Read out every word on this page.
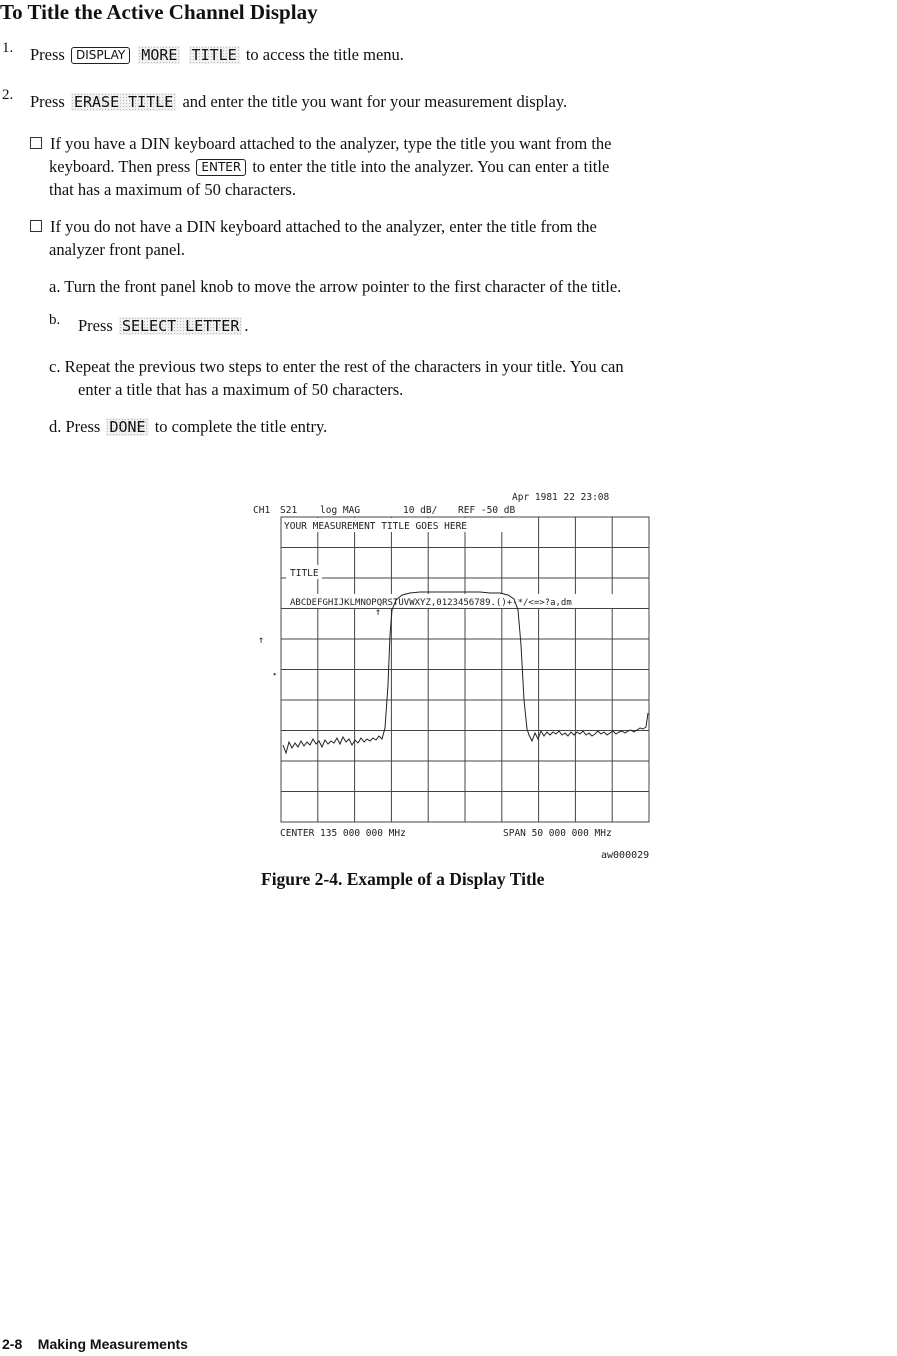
To Title the Active Channel Display
1. Press DISPLAY MORE TITLE to access the title menu.
2. Press ERASE TITLE and enter the title you want for your measurement display.
If you have a DIN keyboard attached to the analyzer, type the title you want from the
keyboard. Then press ENTER to enter the title into the analyzer. You can enter a title
that has a maximum of 50 characters.
If you do not have a DIN keyboard attached to the analyzer, enter the title from the
analyzer front panel.
a. Turn the front panel knob to move the arrow pointer to the first character of the title.
b. Press SELECT LETTER .
c. Repeat the previous two steps to enter the rest of the characters in your title. You can
enter a title that has a maximum of 50 characters.
d. Press DONE to complete the title entry.
Apr 1981 22 23:08
CH1 S21 log MAG	10 dB/ REF -50 dB
YOUR MEASUREMENT TITLE GOES HERE
TITLE
ABCDEFGHIJKLMNOPQRSTUVWXYZ,0123456789.()+-*/<=>?a,dm
↑
↑
▸
CENTER 135 000 000 MHz	SPAN 50 000 000 MHz
aw000029
Figure 2-4. Example of a Display Title
2-8 Making Measurements
